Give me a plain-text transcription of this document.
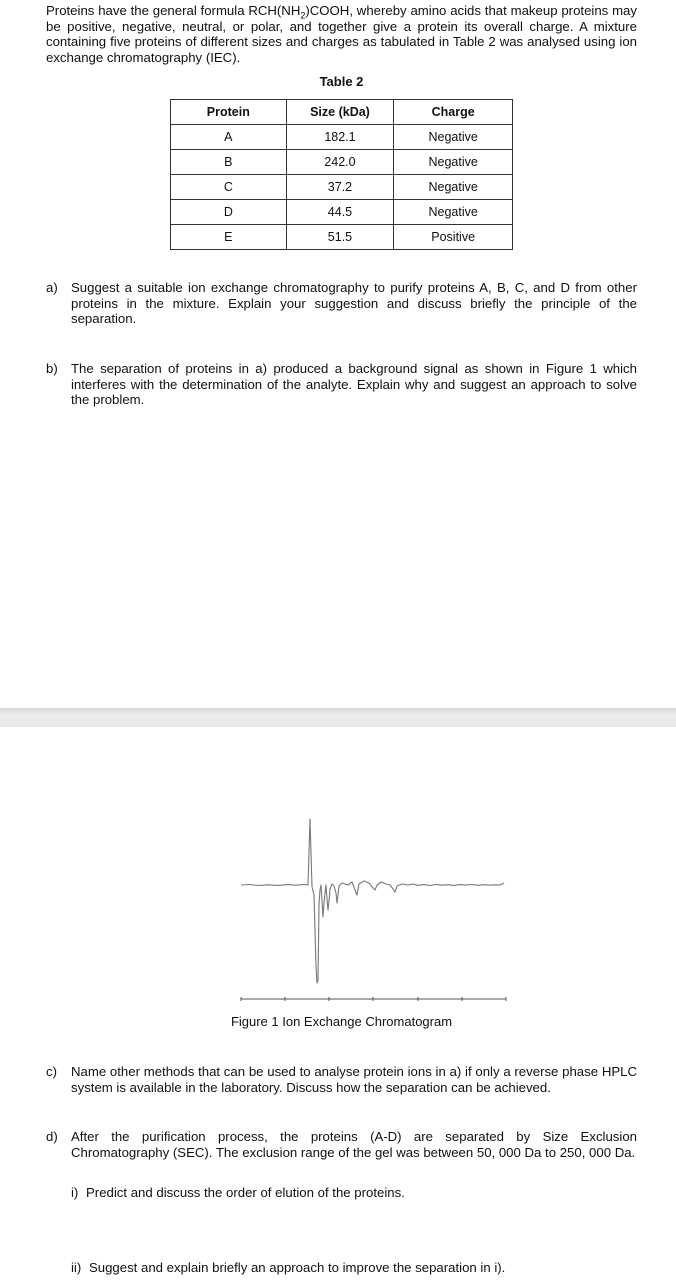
Proteins have the general formula $RCH(NH_2)COOH$, whereby amino acids that makeup proteins may be positive, negative, neutral, or polar, and together give a protein its overall charge. A mixture containing five proteins of different sizes and charges as tabulated in Table 2 was analysed using ion exchange chromatography (IEC).

Table 2
Protein	Size (kDa)	Charge
A	182.1	Negative
B	242.0	Negative
C	37.2	Negative
D	44.5	Negative
E	51.5	Positive
a) Suggest a suitable ion exchange chromatography to purify proteins A, B, C, and D from other proteins in the mixture. Explain your suggestion and discuss briefly the principle of the separation.
b) The separation of proteins in a) produced a background signal as shown in Figure 1 which interferes with the determination of the analyte. Explain why and suggest an approach to solve the problem.
Figure 1 Ion Exchange Chromatogram
c) Name other methods that can be used to analyse protein ions in a) if only a reverse phase HPLC system is available in the laboratory. Discuss how the separation can be achieved.
d) After the purification process, the proteins (A-D) are separated by Size Exclusion Chromatography (SEC). The exclusion range of the gel was between 50, 000 Da to 250, 000 Da.
i) Predict and discuss the order of elution of the proteins.
ii) Suggest and explain briefly an approach to improve the separation in i).
